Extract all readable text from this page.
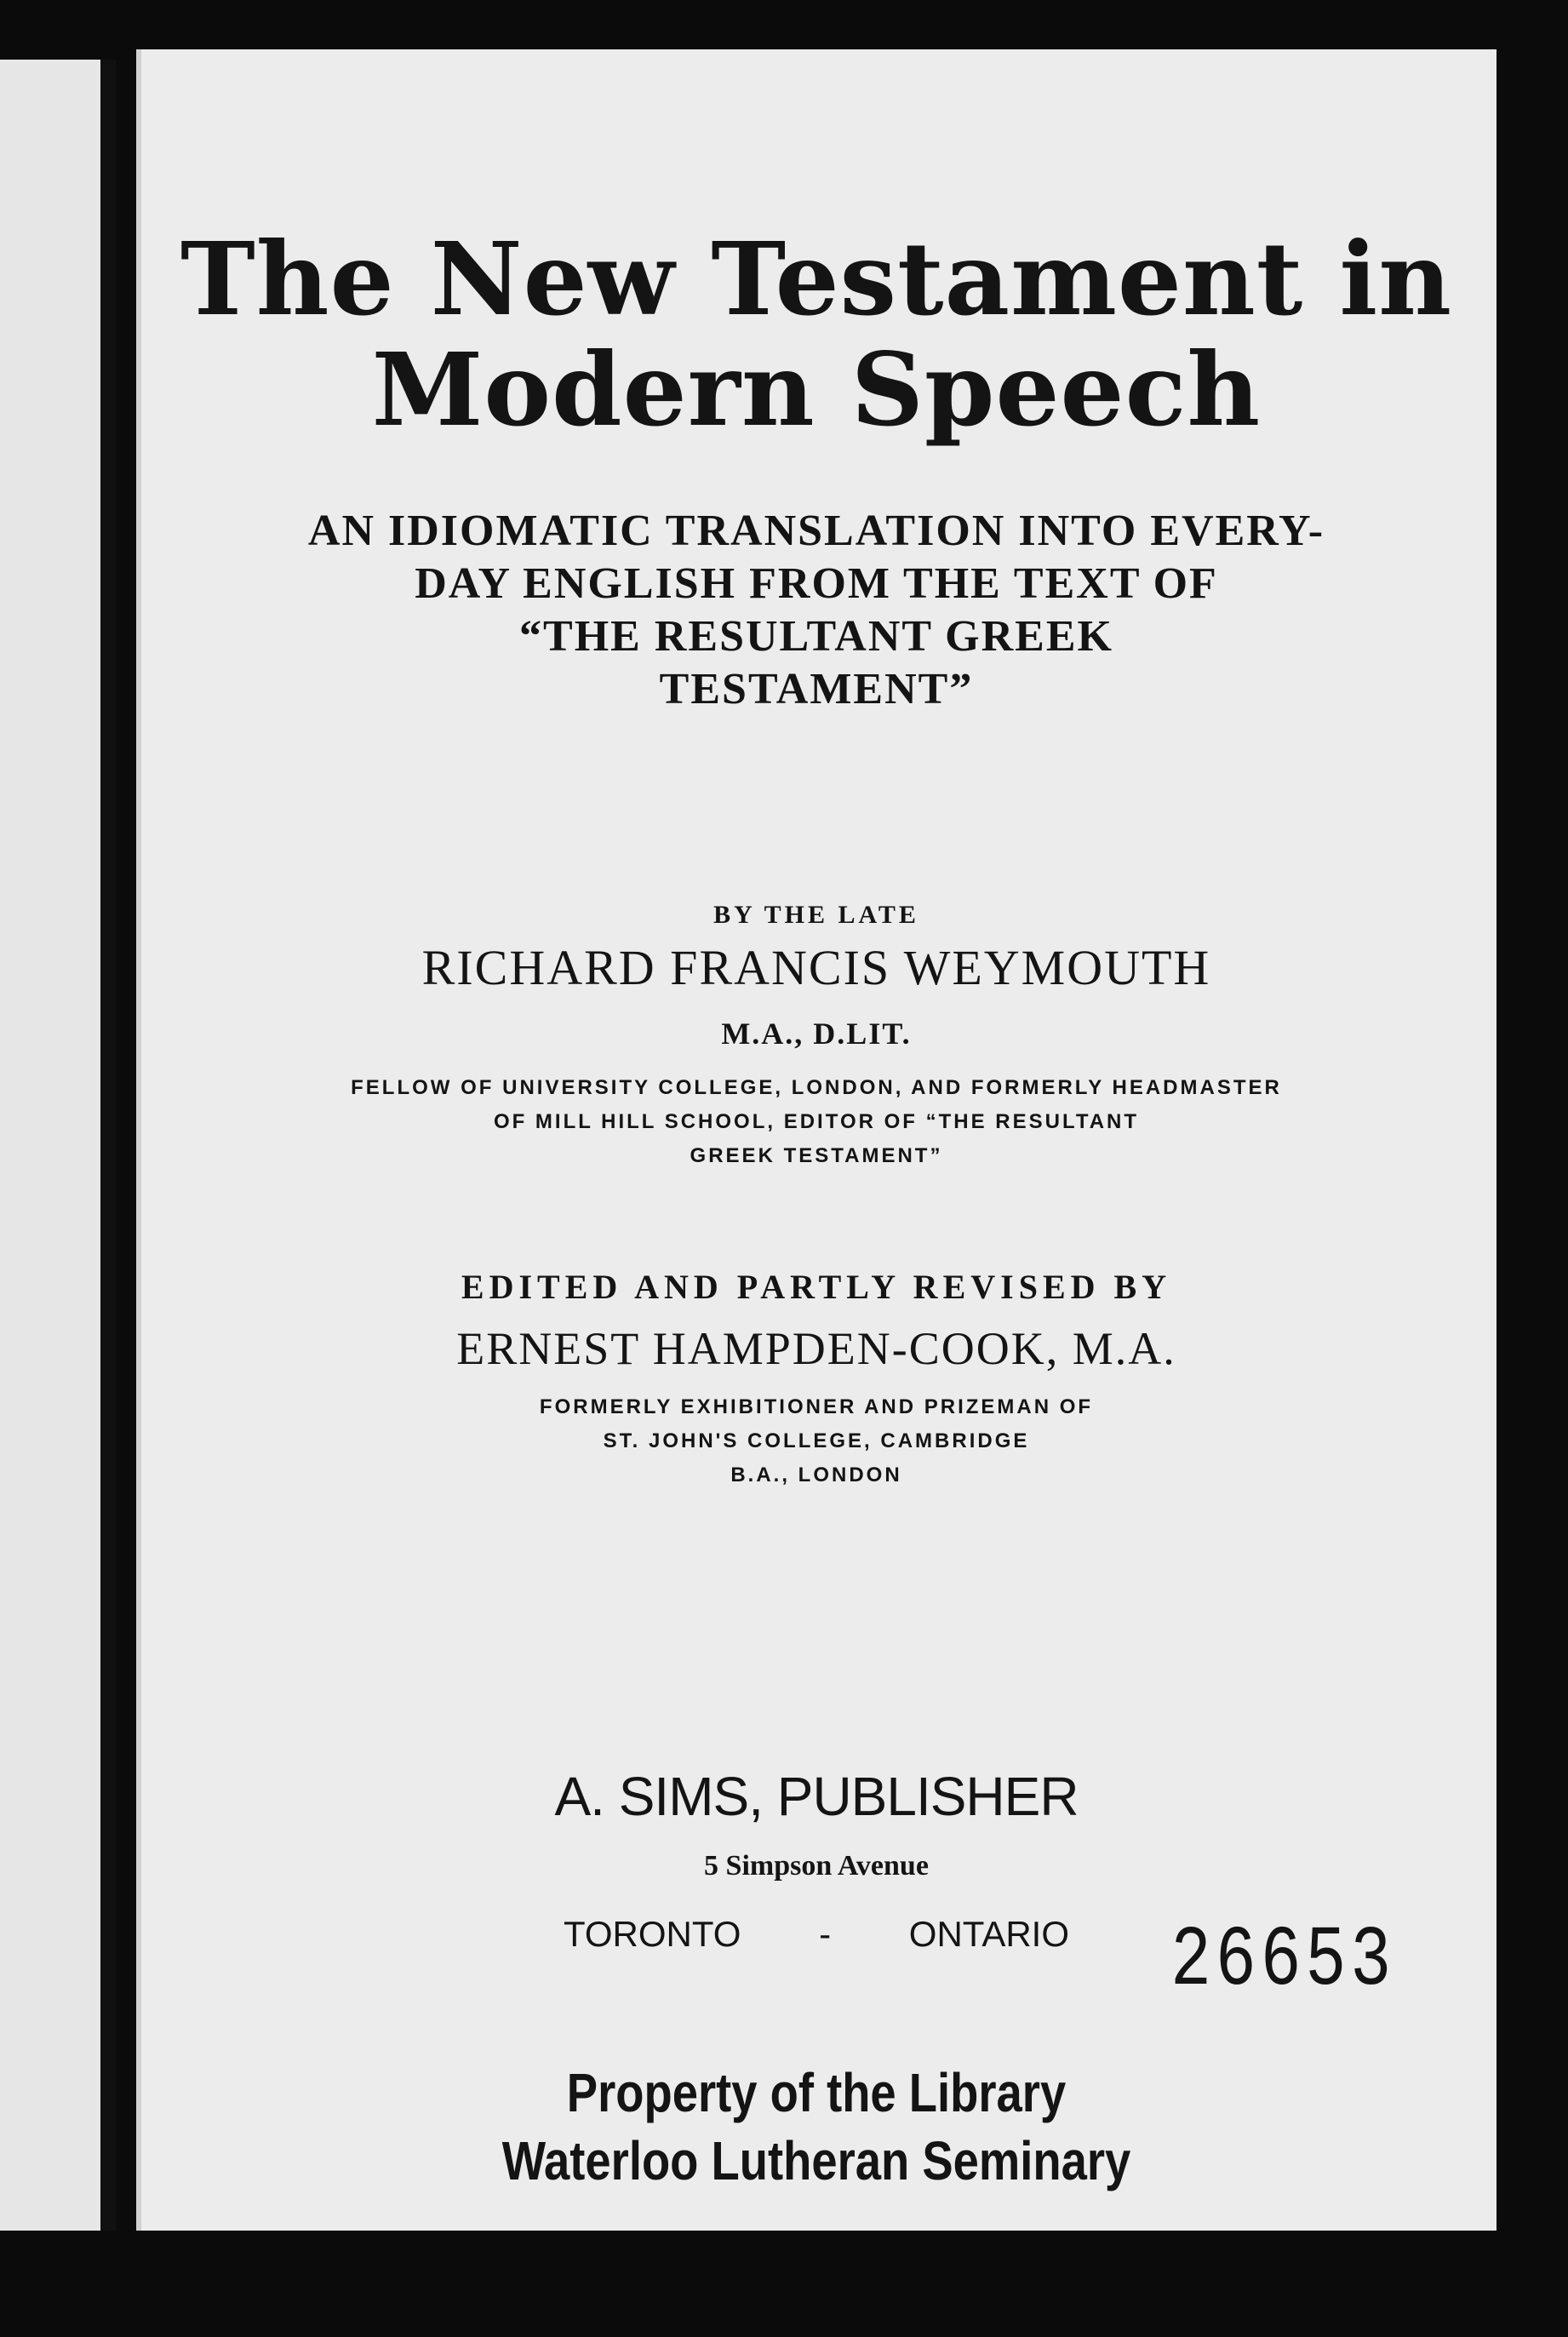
The New Testament in
Modern Speech
AN IDIOMATIC TRANSLATION INTO EVERY-
DAY ENGLISH FROM THE TEXT OF
“THE RESULTANT GREEK
TESTAMENT”
BY THE LATE
RICHARD FRANCIS WEYMOUTH
M.A., D.LIT.
FELLOW OF UNIVERSITY COLLEGE, LONDON, AND FORMERLY HEADMASTER
OF MILL HILL SCHOOL, EDITOR OF “THE RESULTANT
GREEK TESTAMENT”
EDITED AND PARTLY REVISED BY
ERNEST HAMPDEN-COOK, M.A.
FORMERLY EXHIBITIONER AND PRIZEMAN OF
ST. JOHN'S COLLEGE, CAMBRIDGE
B.A., LONDON
A. SIMS, PUBLISHER
5 Simpson Avenue
TORONTO - ONTARIO	26653
Property of the Library
Waterloo Lutheran Seminary
